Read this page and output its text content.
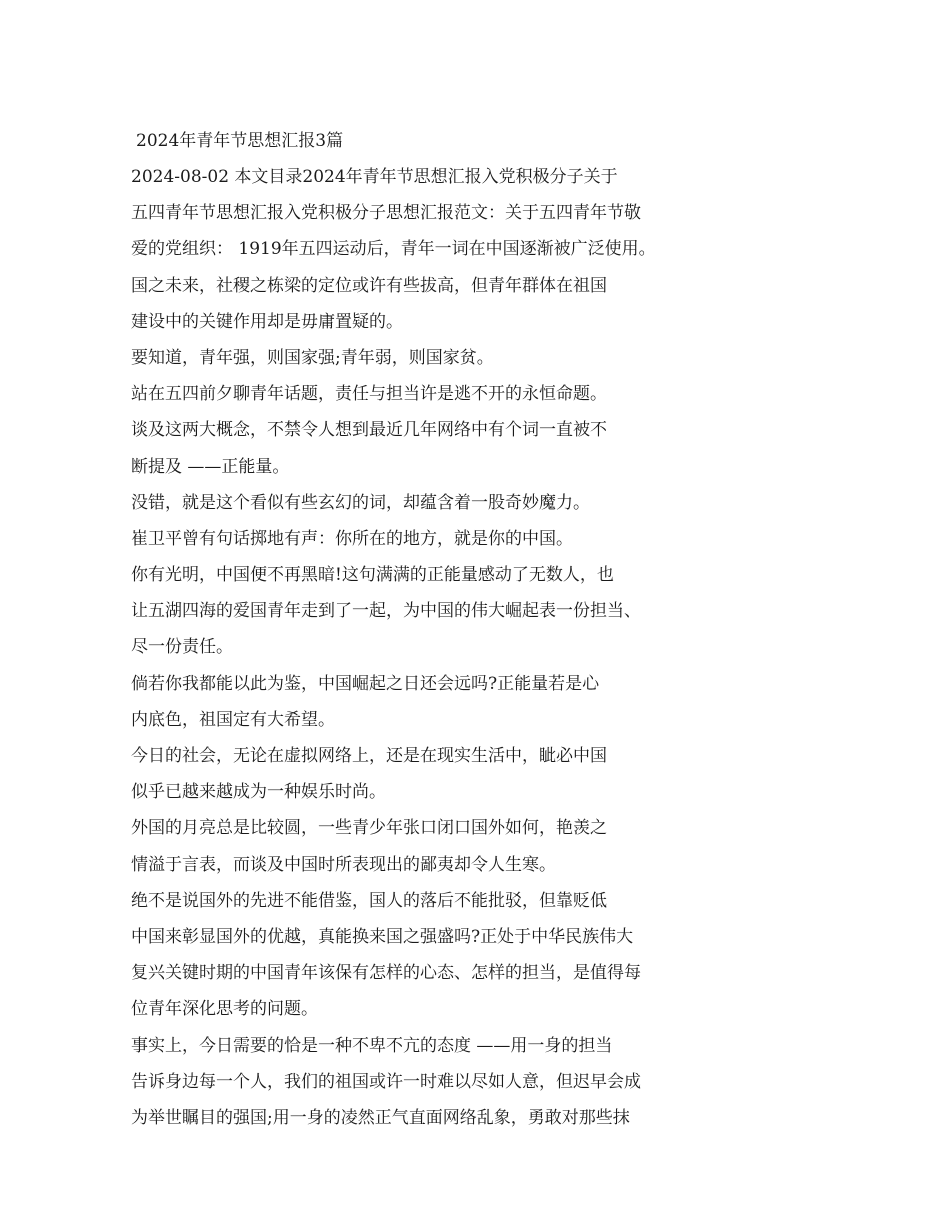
2024年青年节思想汇报3篇

2024-08-02 本文目录2024年青年节思想汇报入党积极分子关于

五四青年节思想汇报入党积极分子思想汇报范文：关于五四青年节敬

爱的党组织： 1919年五四运动后，青年一词在中国逐渐被广泛使用。

国之未来，社稷之栋梁的定位或许有些拔高，但青年群体在祖国

建设中的关键作用却是毋庸置疑的。

要知道，青年强，则国家强;青年弱，则国家贫。

站在五四前夕聊青年话题，责任与担当许是逃不开的永恒命题。

谈及这两大概念，不禁令人想到最近几年网络中有个词一直被不

断提及 ——正能量。

没错，就是这个看似有些玄幻的词，却蕴含着一股奇妙魔力。

崔卫平曾有句话掷地有声：你所在的地方，就是你的中国。

你有光明，中国便不再黑暗!这句满满的正能量感动了无数人，也

让五湖四海的爱国青年走到了一起，为中国的伟大崛起表一份担当、

尽一份责任。

倘若你我都能以此为鉴，中国崛起之日还会远吗?正能量若是心

内底色，祖国定有大希望。

今日的社会，无论在虚拟网络上，还是在现实生活中，眦必中国

似乎已越来越成为一种娱乐时尚。

外国的月亮总是比较圆，一些青少年张口闭口国外如何，艳羡之

情溢于言表，而谈及中国时所表现出的鄙夷却令人生寒。

绝不是说国外的先进不能借鉴，国人的落后不能批驳，但靠贬低

中国来彰显国外的优越，真能换来国之强盛吗?正处于中华民族伟大

复兴关键时期的中国青年该保有怎样的心态、怎样的担当，是值得每

位青年深化思考的问题。

事实上，今日需要的恰是一种不卑不亢的态度 ——用一身的担当

告诉身边每一个人，我们的祖国或许一时难以尽如人意，但迟早会成

为举世瞩目的强国;用一身的凌然正气直面网络乱象，勇敢对那些抹
